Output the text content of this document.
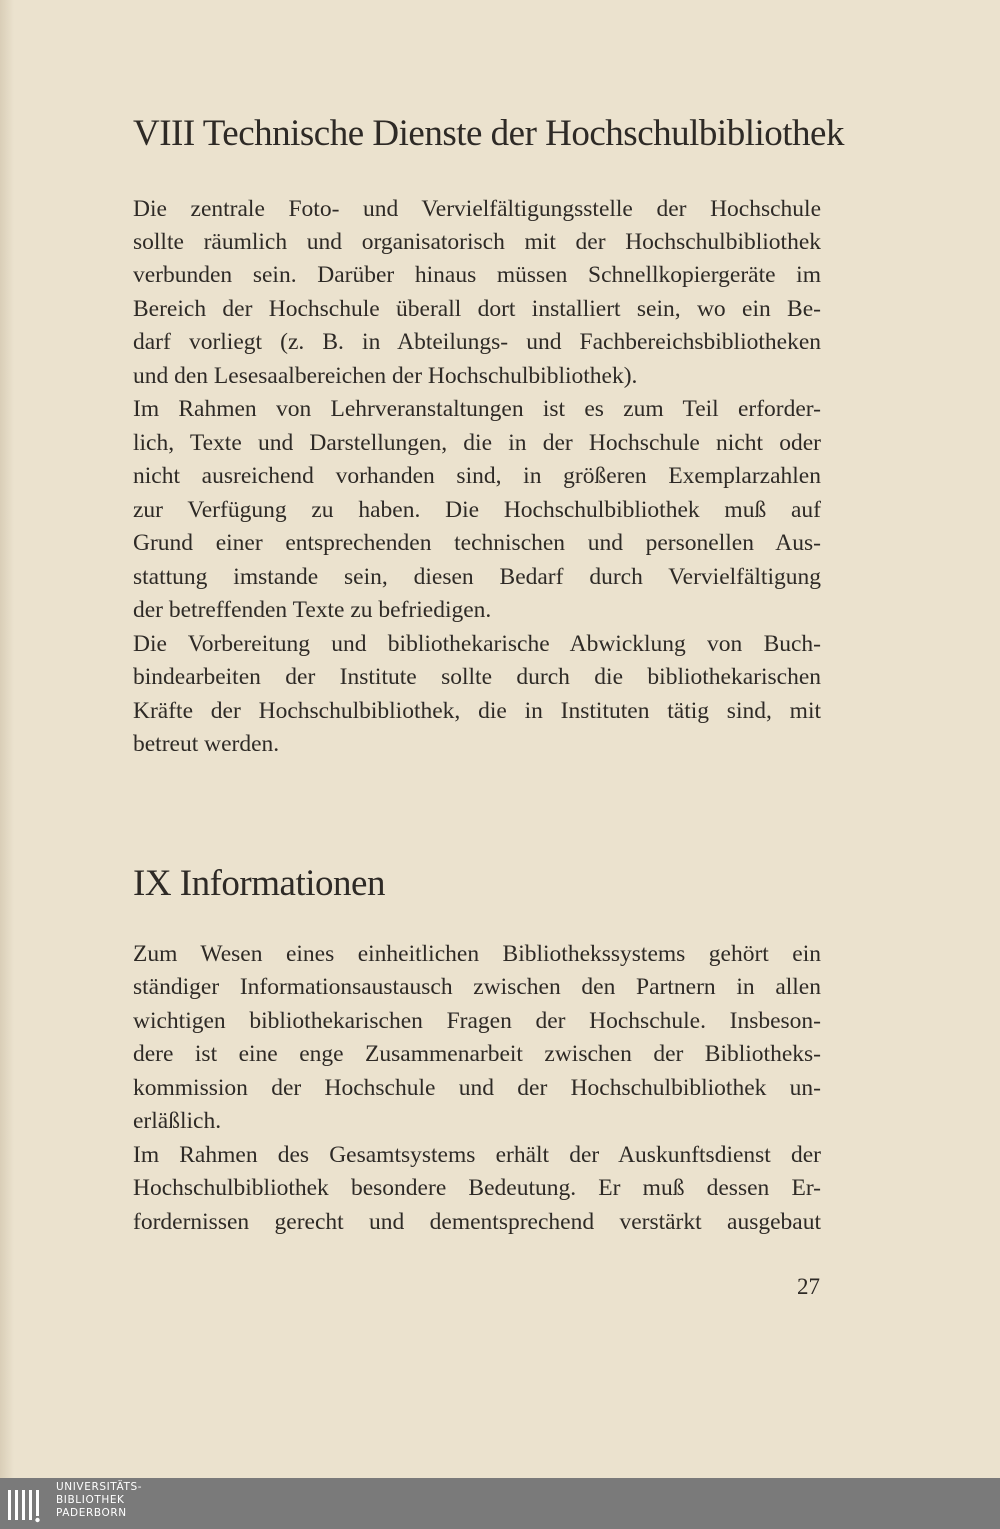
VIII Technische Dienste der Hochschulbibliothek
Die zentrale Foto- und Vervielfältigungsstelle der Hochschule
sollte räumlich und organisatorisch mit der Hochschulbibliothek
verbunden sein. Darüber hinaus müssen Schnellkopiergeräte im
Bereich der Hochschule überall dort installiert sein, wo ein Be-
darf vorliegt (z. B. in Abteilungs- und Fachbereichsbibliotheken
und den Lesesaalbereichen der Hochschulbibliothek).
Im Rahmen von Lehrveranstaltungen ist es zum Teil erforder-
lich, Texte und Darstellungen, die in der Hochschule nicht oder
nicht ausreichend vorhanden sind, in größeren Exemplarzahlen
zur Verfügung zu haben. Die Hochschulbibliothek muß auf
Grund einer entsprechenden technischen und personellen Aus-
stattung imstande sein, diesen Bedarf durch Vervielfältigung
der betreffenden Texte zu befriedigen.
Die Vorbereitung und bibliothekarische Abwicklung von Buch-
bindearbeiten der Institute sollte durch die bibliothekarischen
Kräfte der Hochschulbibliothek, die in Instituten tätig sind, mit
betreut werden.
IX Informationen
Zum Wesen eines einheitlichen Bibliothekssystems gehört ein
ständiger Informationsaustausch zwischen den Partnern in allen
wichtigen bibliothekarischen Fragen der Hochschule. Insbeson-
dere ist eine enge Zusammenarbeit zwischen der Bibliotheks-
kommission der Hochschule und der Hochschulbibliothek un-
erläßlich.
Im Rahmen des Gesamtsystems erhält der Auskunftsdienst der
Hochschulbibliothek besondere Bedeutung. Er muß dessen Er-
fordernissen gerecht und dementsprechend verstärkt ausgebaut
27
UNIVERSITÄTS-
BIBLIOTHEK
PADERBORN
